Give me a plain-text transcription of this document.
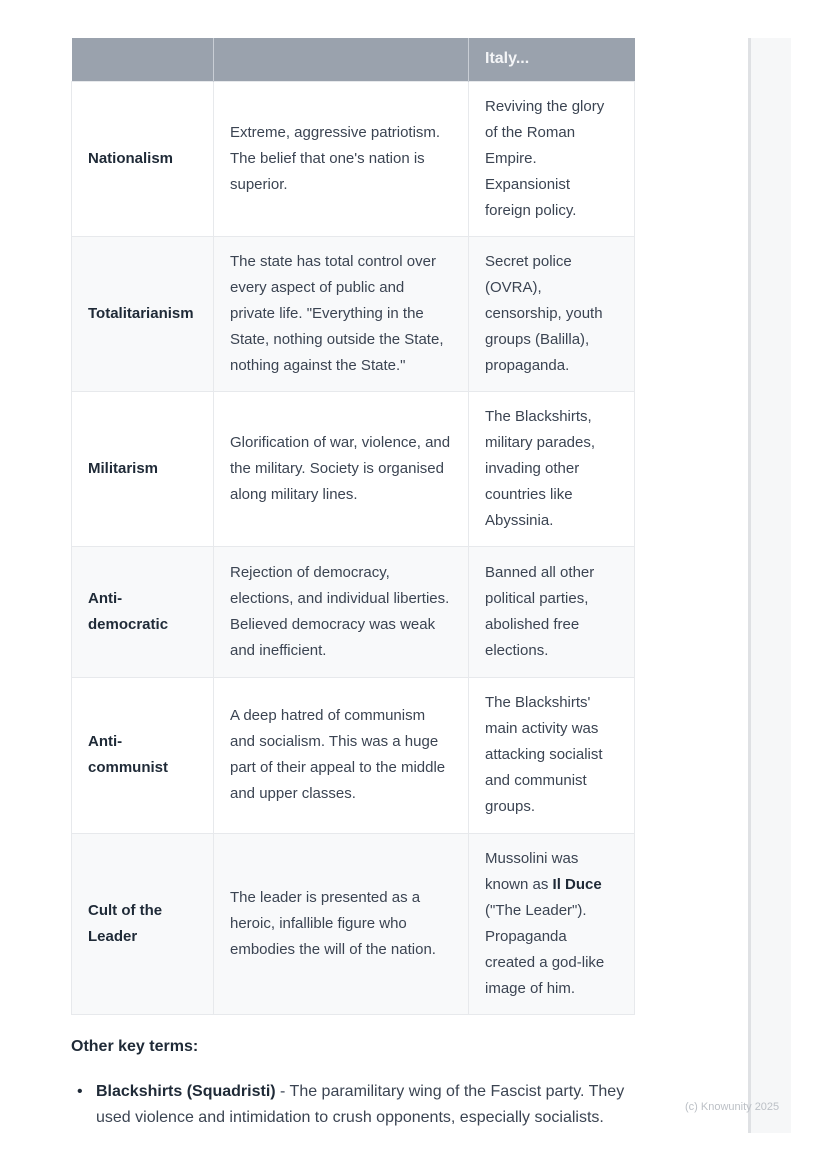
		Italy...
Nationalism	Extreme, aggressive patriotism. The belief that one's nation is superior.	Reviving the glory of the Roman Empire. Expansionist foreign policy.
Totalitarianism	The state has total control over every aspect of public and private life. "Everything in the State, nothing outside the State, nothing against the State."	Secret police (OVRA), censorship, youth groups (Balilla), propaganda.
Militarism	Glorification of war, violence, and the military. Society is organised along military lines.	The Blackshirts, military parades, invading other countries like Abyssinia.
Anti-democratic	Rejection of democracy, elections, and individual liberties. Believed democracy was weak and inefficient.	Banned all other political parties, abolished free elections.
Anti-communist	A deep hatred of communism and socialism. This was a huge part of their appeal to the middle and upper classes.	The Blackshirts' main activity was attacking socialist and communist groups.
Cult of the Leader	The leader is presented as a heroic, infallible figure who embodies the will of the nation.	Mussolini was known as Il Duce ("The Leader"). Propaganda created a god-like image of him.
Other key terms:
• Blackshirts (Squadristi) - The paramilitary wing of the Fascist party. They used violence and intimidation to crush opponents, especially socialists.
(c) Knowunity 2025
